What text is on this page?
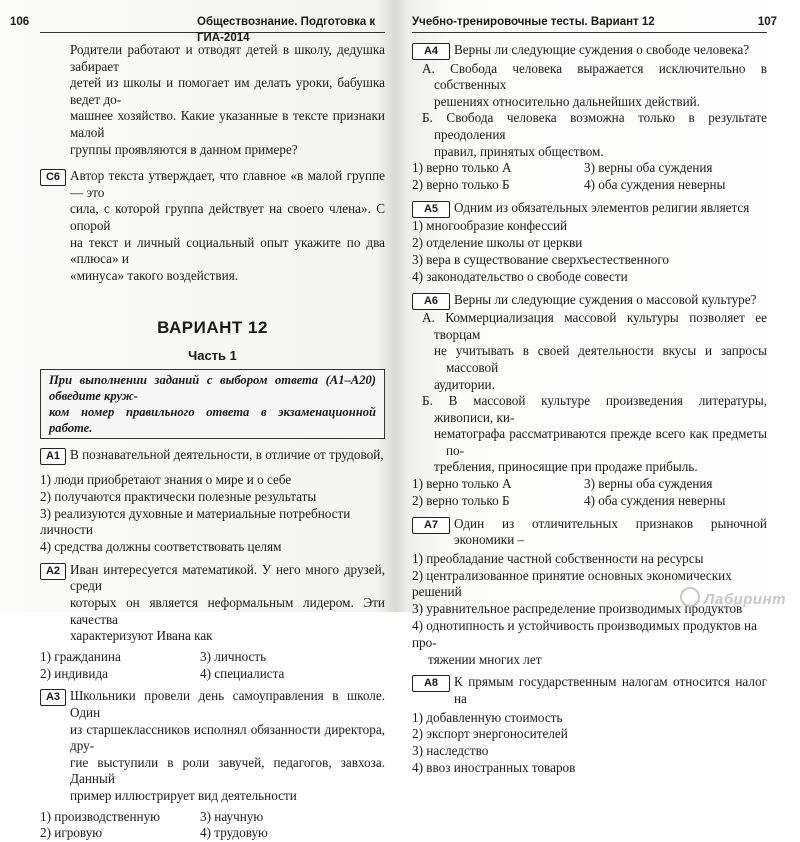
106	Обществознание. Подготовка к ГИА-2014

Родители работают и отводят детей в школу, дедушка забирает

детей из школы и помогает им делать уроки, бабушка ведет до-

машнее хозяйство. Какие указанные в тексте признаки малой

группы проявляются в данном примере?

С6 Автор текста утверждает, что главное «в малой группе — это

сила, с которой группа действует на своего члена». С опорой

на текст и личный социальный опыт укажите по два «плюса» и

«минуса» такого воздействия.

ВАРИАНТ 12
Часть 1
При выполнении заданий с выбором ответа (А1–А20) обведите круж-
ком номер правильного ответа в экзаменационной работе.
А1 В познавательной деятельности, в отличие от трудовой,
1) люди приобретают знания о мире и о себе
2) получаются практически полезные результаты
3) реализуются духовные и материальные потребности личности
4) средства должны соответствовать целям
А2 Иван интересуется математикой. У него много друзей, среди

которых он является неформальным лидером. Эти качества

характеризуют Ивана как

1) гражданина	3) личность
2) индивида	4) специалиста
А3 Школьники провели день самоуправления в школе. Один

из старшеклассников исполнял обязанности директора, дру-

гие выступили в роли завучей, педагогов, завхоза. Данный

пример иллюстрирует вид деятельности

1) производственную	3) научную
2) игровую	4) трудовую
Учебно-тренировочные тесты. Вариант 12	107
А4	Верны ли следующие суждения о свободе человека?
А. Свобода человека выражается исключительно в собственных
решениях относительно дальнейших действий.
Б. Свобода человека возможна только в результате преодоления
правил, принятых обществом.
1) верно только А	3) верны оба суждения
2) верно только Б	4) оба суждения неверны
А5	Одним из обязательных элементов религии является
1) многообразие конфессий
2) отделение школы от церкви
3) вера в существование сверхъестественного
4) законодательство о свободе совести
А6	Верны ли следующие суждения о массовой культуре?
А. Коммерциализация массовой культуры позволяет ее творцам
не учитывать в своей деятельности вкусы и запросы массовой
аудитории.
Б. В массовой культуре произведения литературы, живописи, ки-
нематографа рассматриваются прежде всего как предметы по-
требления, приносящие при продаже прибыль.
1) верно только А	3) верны оба суждения
2) верно только Б	4) оба суждения неверны
А7	Один из отличительных признаков рыночной экономики –
1) преобладание частной собственности на ресурсы
2) централизованное принятие основных экономических решений
3) уравнительное распределение производимых продуктов
4) однотипность и устойчивость производимых продуктов на про-
тяжении многих лет
А8	К прямым государственным налогам относится налог на
1) добавленную стоимость
2) экспорт энергоносителей
3) наследство
4) ввоз иностранных товаров
Лабиринт
